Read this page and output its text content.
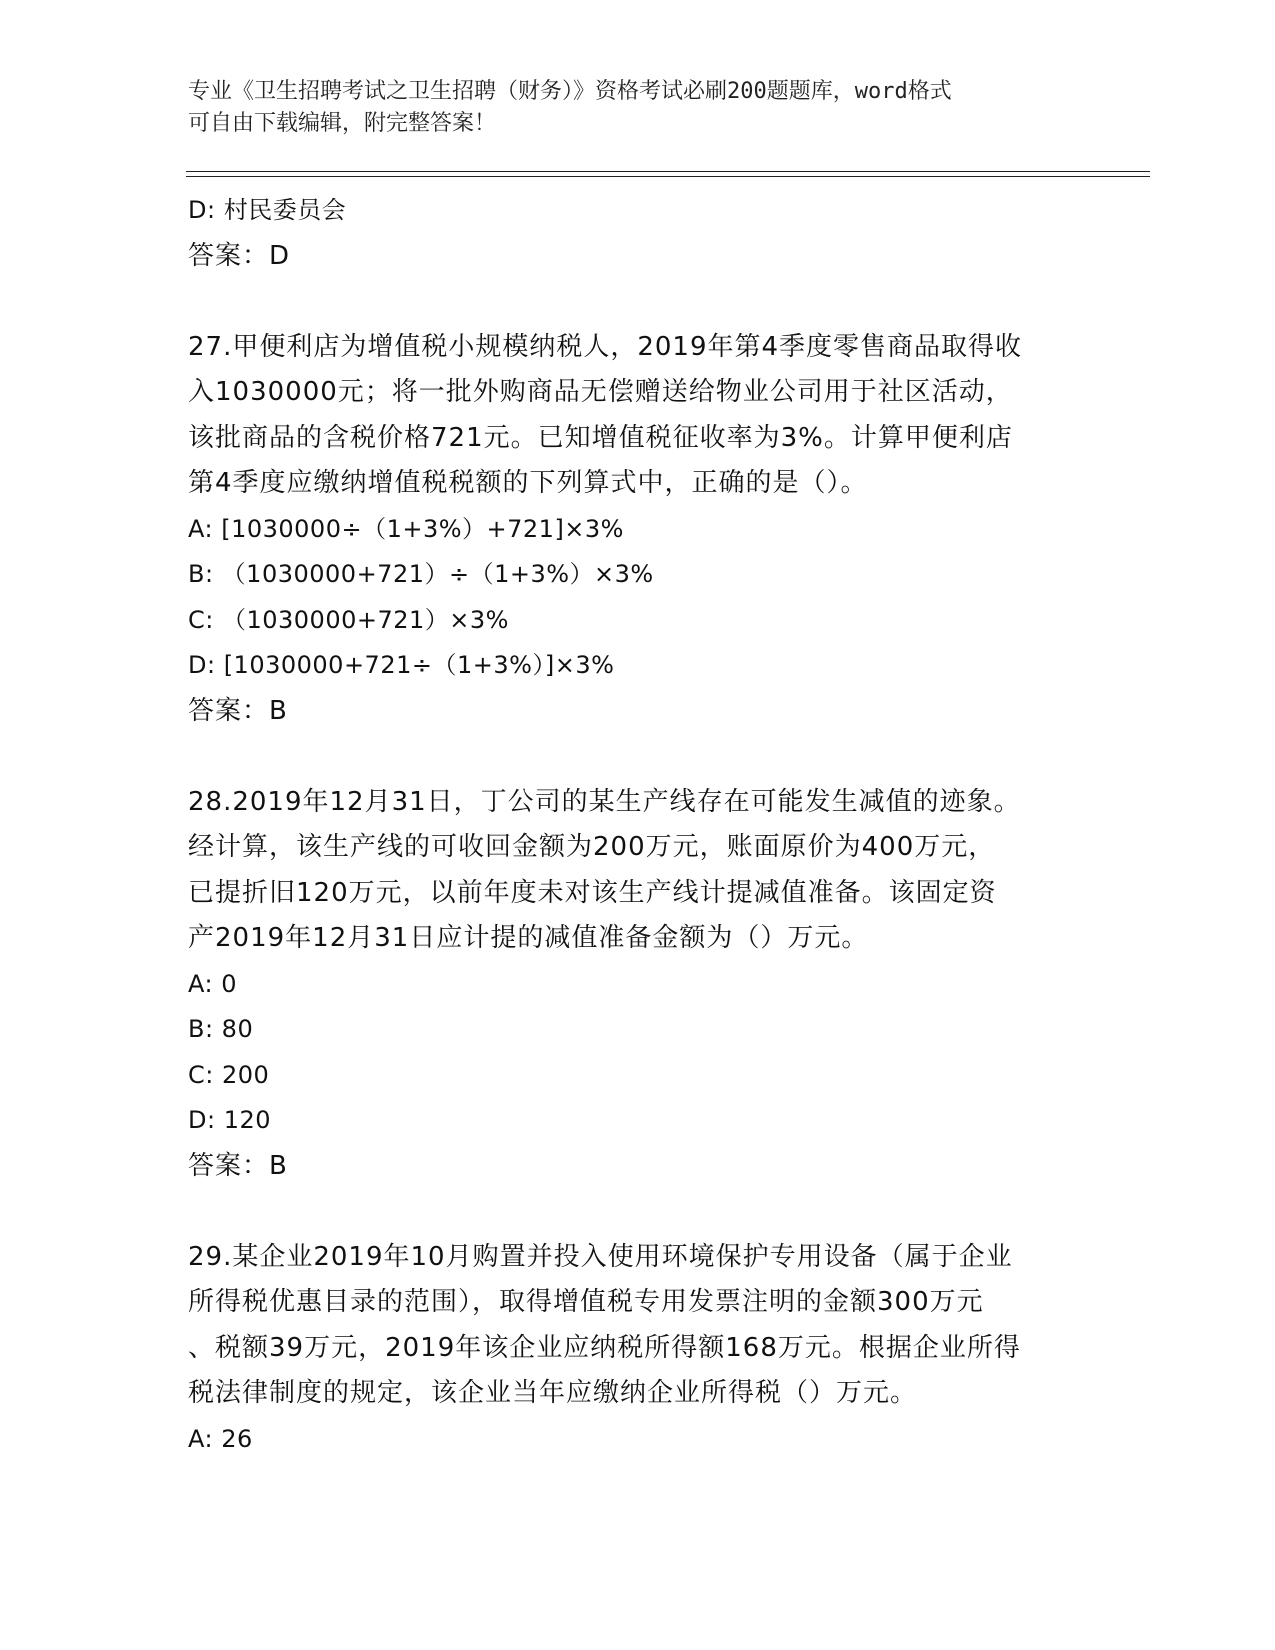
专业《卫生招聘考试之卫生招聘（财务）》资格考试必刷200题题库，word格式
可自由下载编辑，附完整答案！
D: 村民委员会
答案：D
27.甲便利店为增值税小规模纳税人，2019年第4季度零售商品取得收
入1030000元；将一批外购商品无偿赠送给物业公司用于社区活动，
该批商品的含税价格721元。已知增值税征收率为3%。计算甲便利店
第4季度应缴纳增值税税额的下列算式中，正确的是（）。
A: [1030000÷（1+3%）+721]×3%
B: （1030000+721）÷（1+3%）×3%
C: （1030000+721）×3%
D: [1030000+721÷（1+3%）]×3%
答案：B
28.2019年12月31日，丁公司的某生产线存在可能发生减值的迹象。
经计算，该生产线的可收回金额为200万元，账面原价为400万元，
已提折旧120万元，以前年度未对该生产线计提减值准备。该固定资
产2019年12月31日应计提的减值准备金额为（）万元。
A: 0
B: 80
C: 200
D: 120
答案：B
29.某企业2019年10月购置并投入使用环境保护专用设备（属于企业
所得税优惠目录的范围），取得增值税专用发票注明的金额300万元
、税额39万元，2019年该企业应纳税所得额168万元。根据企业所得
税法律制度的规定，该企业当年应缴纳企业所得税（）万元。
A: 26
